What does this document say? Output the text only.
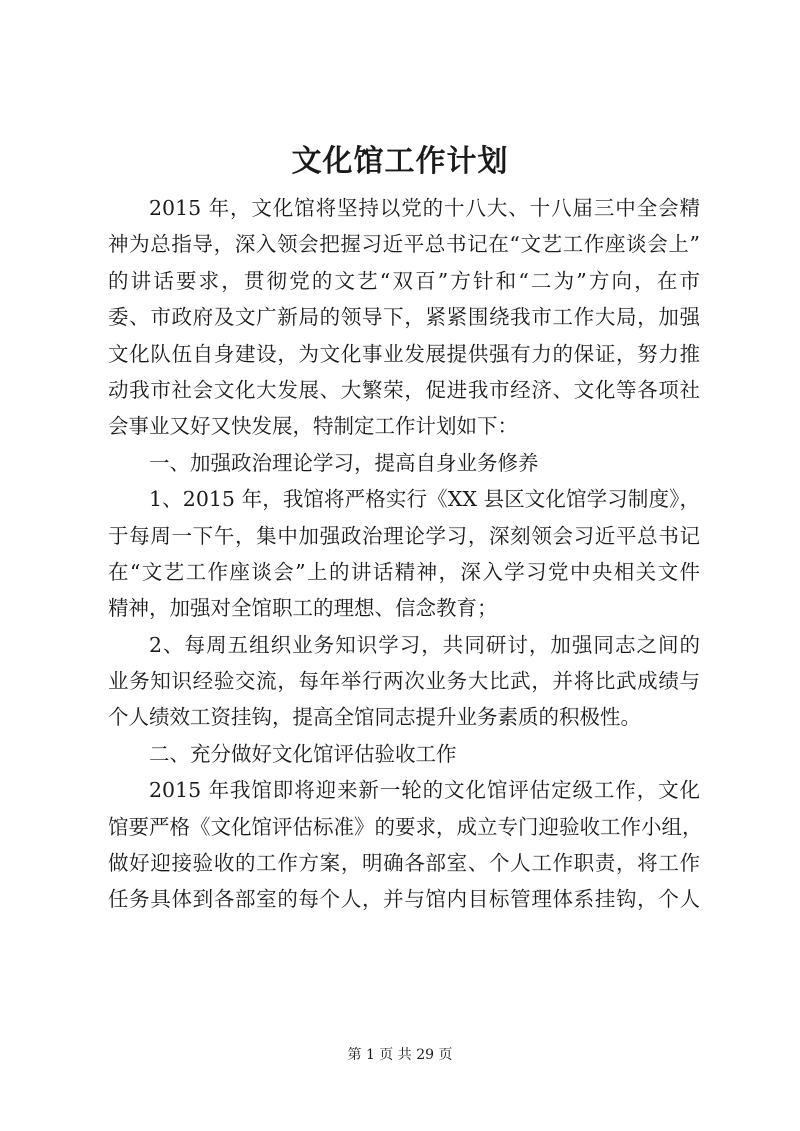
文化馆工作计划
2015 年，文化馆将坚持以党的十八大、十八届三中全会精
神为总指导，深入领会把握习近平总书记在“文艺工作座谈会上”
的讲话要求，贯彻党的文艺“双百”方针和“二为”方向，在市
委、市政府及文广新局的领导下，紧紧围绕我市工作大局，加强
文化队伍自身建设，为文化事业发展提供强有力的保证，努力推
动我市社会文化大发展、大繁荣，促进我市经济、文化等各项社
会事业又好又快发展，特制定工作计划如下：
一、加强政治理论学习，提高自身业务修养
1、2015 年，我馆将严格实行《XX 县区文化馆学习制度》，
于每周一下午，集中加强政治理论学习，深刻领会习近平总书记
在“文艺工作座谈会”上的讲话精神，深入学习党中央相关文件
精神，加强对全馆职工的理想、信念教育；
2、每周五组织业务知识学习，共同研讨，加强同志之间的
业务知识经验交流，每年举行两次业务大比武，并将比武成绩与
个人绩效工资挂钩，提高全馆同志提升业务素质的积极性。
二、充分做好文化馆评估验收工作
2015 年我馆即将迎来新一轮的文化馆评估定级工作，文化
馆要严格《文化馆评估标准》的要求，成立专门迎验收工作小组，
做好迎接验收的工作方案，明确各部室、个人工作职责，将工作
任务具体到各部室的每个人，并与馆内目标管理体系挂钩，个人
第 1 页 共 29 页
